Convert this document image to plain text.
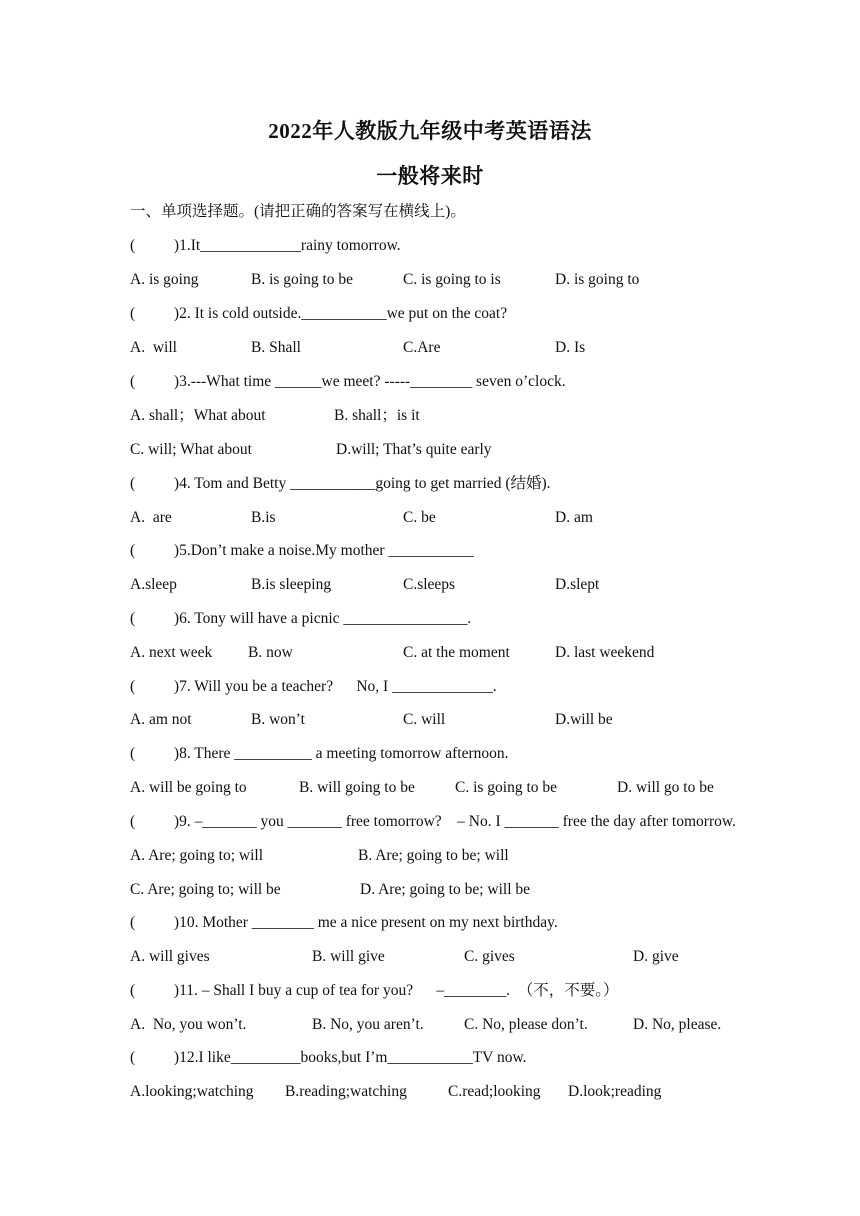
2022年人教版九年级中考英语语法
一般将来时
一、单项选择题。(请把正确的答案写在横线上)。
(          )1.It_____________rainy tomorrow.

A. is going

	B. is going to be

	C. is going to is

	D. is going to

(          )2. It is cold outside.___________we put on the coat?

A.  will

	B. Shall

	C.Are

	D. Is

(          )3.---What time ______we meet? -----________ seven o’clock.

A. shall；What about

	B. shall；is it

C. will; What about

	D.will; That’s quite early

(          )4. Tom and Betty ___________going to get married (结婚).

A.  are

	B.is

	C. be

	D. am

(          )5.Don’t make a noise.My mother ___________

A.sleep

	B.is sleeping

	C.sleeps

	D.slept

(          )6. Tony will have a picnic ________________.

A. next week

B. now

	C. at the moment

	D. last weekend

(          )7. Will you be a teacher?      No, I _____________.

A. am not

	B. won’t

	C. will

	D.will be

(          )8. There __________ a meeting tomorrow afternoon.

A. will be going to

	B. will going to be

	C. is going to be

	D. will go to be

(          )9. –_______ you _______ free tomorrow?    – No. I _______ free the day after tomorrow.

A. Are; going to; will

	B. Are; going to be; will

C. Are; going to; will be

	D. Are; going to be; will be

(          )10. Mother ________ me a nice present on my next birthday.

A. will gives

	B. will give

	C. gives

	D. give

(          )11. – Shall I buy a cup of tea for you?      –________.  （不，不要。）

A.  No, you won’t.

	B. No, you aren’t.

	C. No, please don’t.

	D. No, please.

(          )12.I like_________books,but I’m___________TV now.

A.looking;watching

B.reading;watching

	C.read;looking

D.look;reading
